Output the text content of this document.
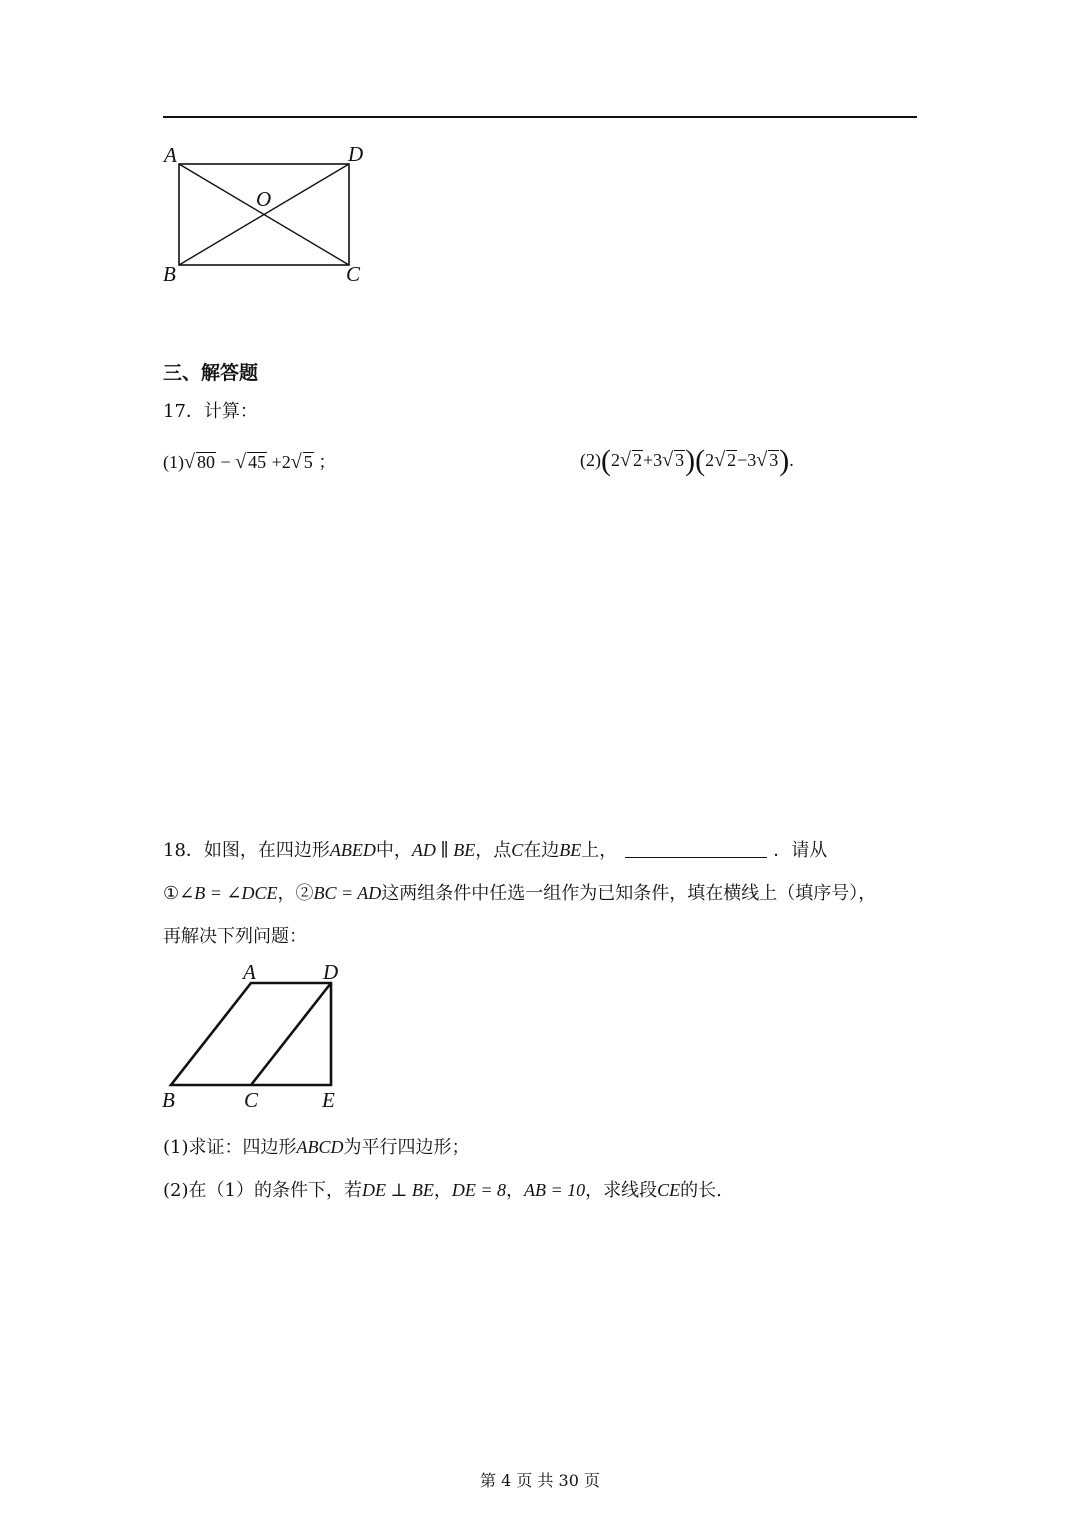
A	D
O
B	C
三、解答题
17．计算：
(1)√ 80 − √ 45 +2√ 5 ；	(2)(2√ 2+3√ 3)(2√ 2−3√ 3).
18．如图，在四边形ABED中，AD ∥ BE，点C在边BE上，	．请从
①∠B = ∠DCE，②BC = AD这两组条件中任选一组作为已知条件，填在横线上（填序号），
再解决下列问题：
A	D
B	C	E
(1)求证：四边形ABCD为平行四边形；
(2)在（1）的条件下，若DE ⊥ BE，DE = 8，AB = 10，求线段CE的长.
第 4 页 共 30 页
